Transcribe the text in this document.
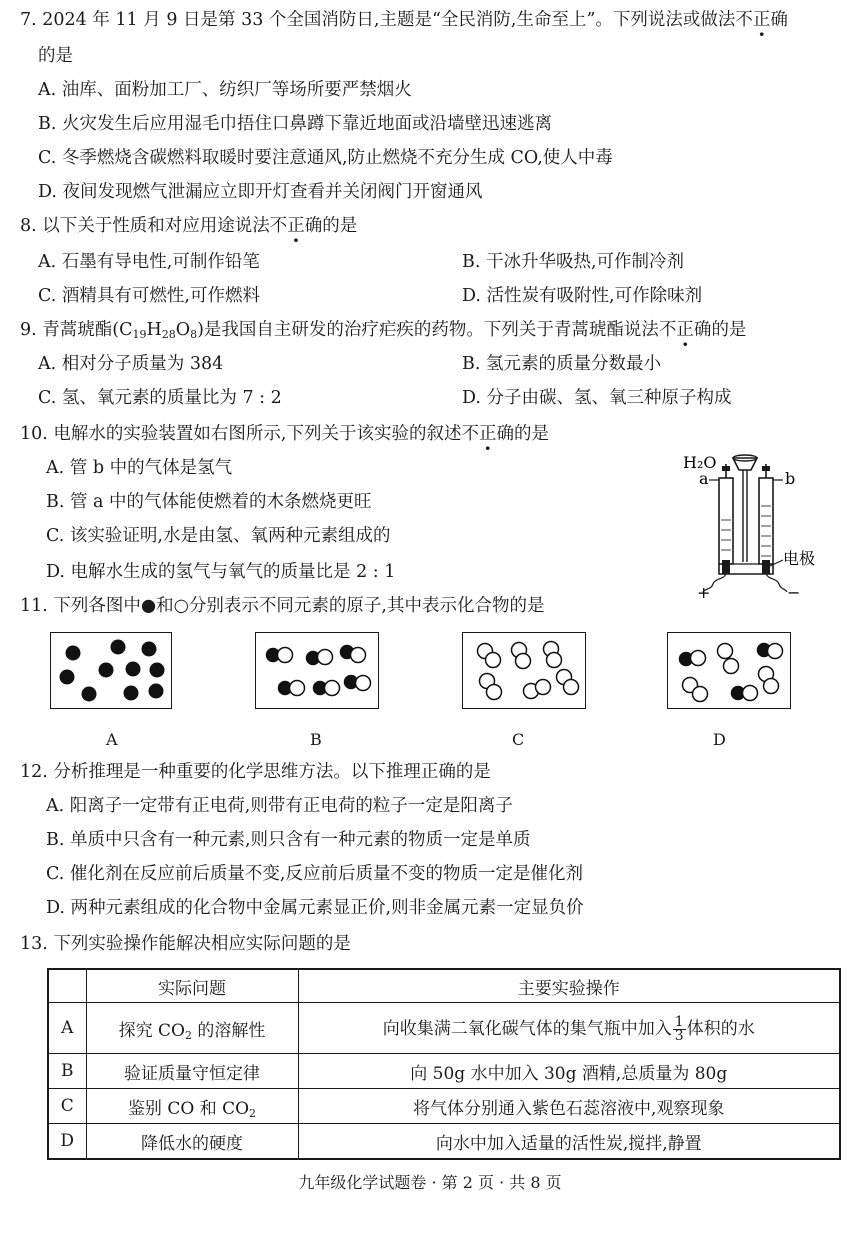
7. 2024 年 11 月 9 日是第 33 个全国消防日,主题是“全民消防,生命至上”。下列说法或做法不正确
的是
A. 油库、面粉加工厂、纺织厂等场所要严禁烟火
B. 火灾发生后应用湿毛巾捂住口鼻蹲下靠近地面或沿墙壁迅速逃离
C. 冬季燃烧含碳燃料取暖时要注意通风,防止燃烧不充分生成 CO,使人中毒
D. 夜间发现燃气泄漏应立即开灯查看并关闭阀门开窗通风
8. 以下关于性质和对应用途说法不正确的是
A. 石墨有导电性,可制作铅笔	B. 干冰升华吸热,可作制冷剂
C. 酒精具有可燃性,可作燃料	D. 活性炭有吸附性,可作除味剂
9. 青蒿琥酯$(C_{19}H_{28}O_8)$是我国自主研发的治疗疟疾的药物。下列关于青蒿琥酯说法不正确的是
A. 相对分子质量为 384	B. 氢元素的质量分数最小
C. 氢、氧元素的质量比为 7 : 2	D. 分子由碳、氢、氧三种原子构成
10. 电解水的实验装置如右图所示,下列关于该实验的叙述不正确的是
A. 管 b 中的气体是氢气
B. 管 a 中的气体能使燃着的木条燃烧更旺
C. 该实验证明,水是由氢、氧两种元素组成的
D. 电解水生成的氢气与氧气的质量比是 2 : 1
H₂O
a	b
电极
+	−
11. 下列各图中●和○分别表示不同元素的原子,其中表示化合物的是
A	B	C	D
12. 分析推理是一种重要的化学思维方法。以下推理正确的是
A. 阳离子一定带有正电荷,则带有正电荷的粒子一定是阳离子
B. 单质中只含有一种元素,则只含有一种元素的物质一定是单质
C. 催化剂在反应前后质量不变,反应前后质量不变的物质一定是催化剂
D. 两种元素组成的化合物中金属元素显正价,则非金属元素一定显负价
13. 下列实验操作能解决相应实际问题的是
	实际问题	主要实验操作
A	探究 $CO_2$ 的溶解性	向收集满二氧化碳气体的集气瓶中加入 $\frac{1}{3}$ 体积的水
B	验证质量守恒定律	向 50g 水中加入 30g 酒精,总质量为 80g
C	鉴别 CO 和 $CO_2$	将气体分别通入紫色石蕊溶液中,观察现象
D	降低水的硬度	向水中加入适量的活性炭,搅拌,静置
九年级化学试题卷 · 第 2 页 · 共 8 页
